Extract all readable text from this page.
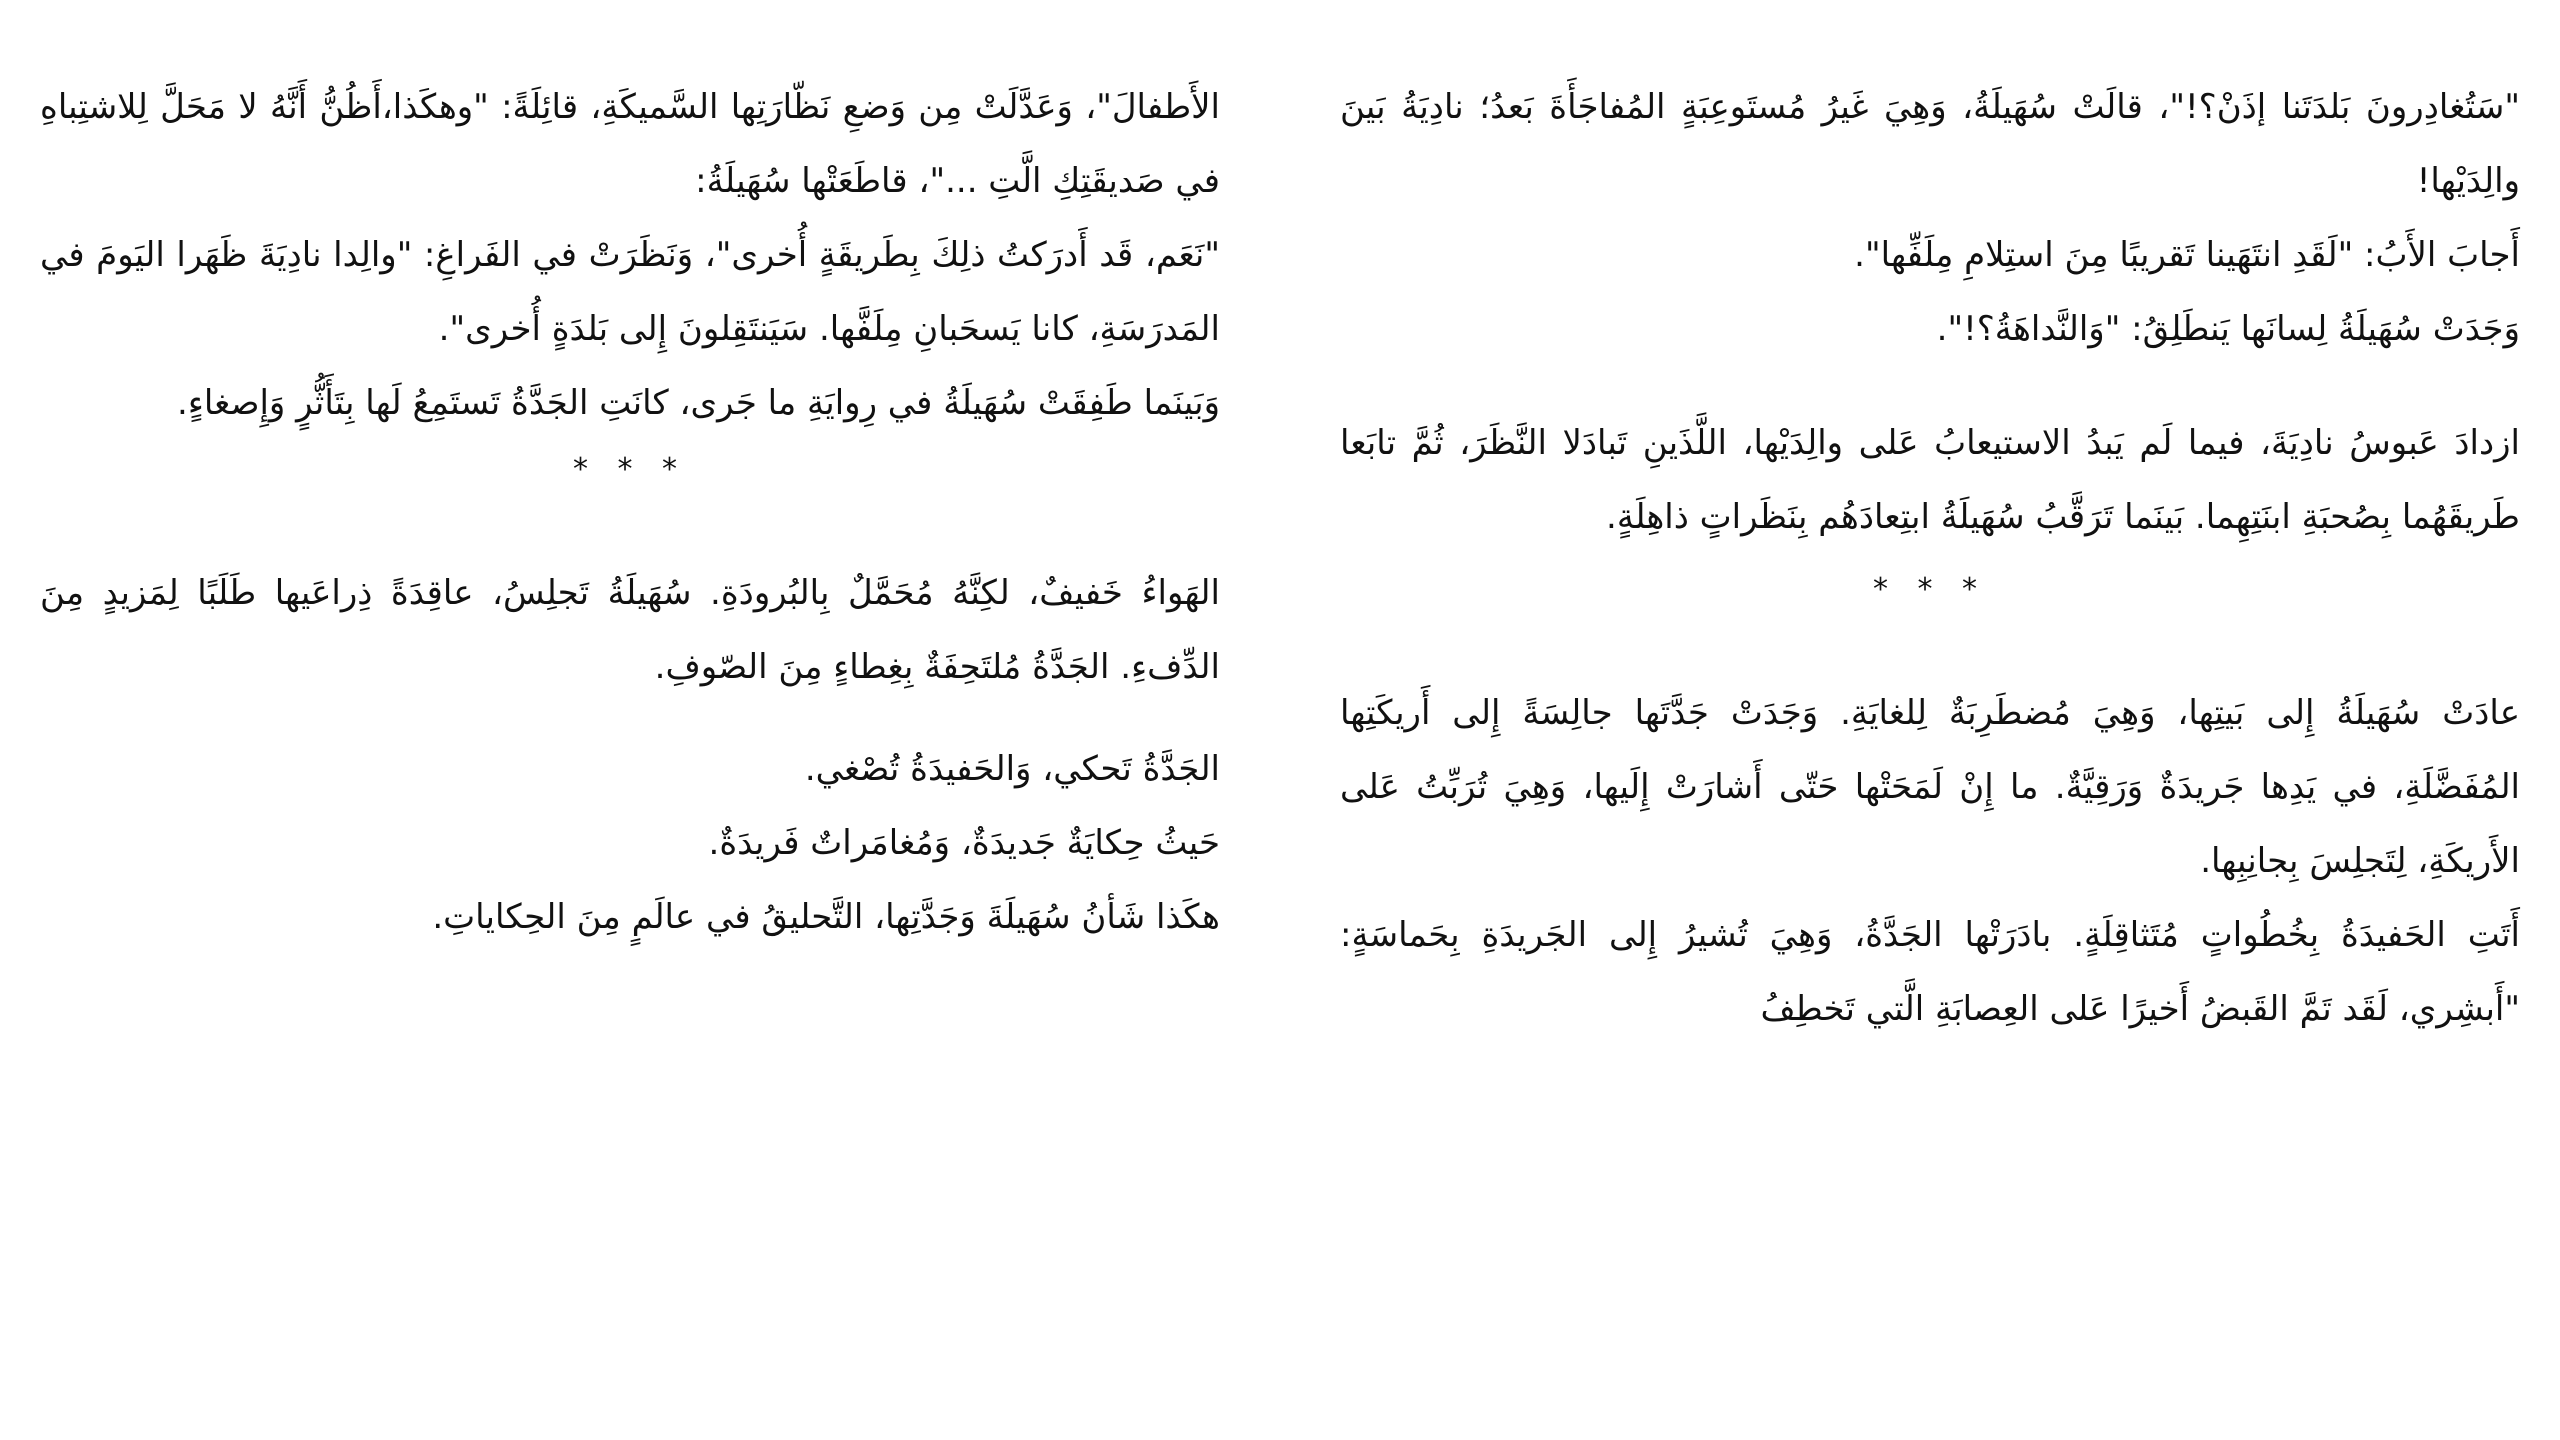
"سَتُغادِرونَ بَلدَتَنا إذَنْ؟!"، قالَتْ سُهَيلَةُ، وَهِيَ غَيرُ مُستَوعِبَةٍ المُفاجَأَةَ بَعدُ؛ نادِيَةُ بَينَ والِدَيْها!

أَجابَ الأَبُ: "لَقَدِ انتَهَينا تَقريبًا مِنَ استِلامِ مِلَفِّها".

وَجَدَتْ سُهَيلَةُ لِسانَها يَنطَلِقُ: "وَالنَّداهَةُ؟!".

ازدادَ عَبوسُ نادِيَةَ، فيما لَم يَبدُ الاستيعابُ عَلى والِدَيْها، اللَّذَينِ تَبادَلا النَّظَرَ، ثُمَّ تابَعا طَريقَهُما بِصُحبَةِ ابنَتِهِما. بَينَما تَرَقَّبُ سُهَيلَةُ ابتِعادَهُم بِنَظَراتٍ ذاهِلَةٍ.

* * *

عادَتْ سُهَيلَةُ إِلى بَيتِها، وَهِيَ مُضطَرِبَةٌ لِلغايَةِ. وَجَدَتْ جَدَّتَها جالِسَةً إِلى أَريكَتِها المُفَضَّلَةِ، في يَدِها جَريدَةٌ وَرَقِيَّةٌ. ما إِنْ لَمَحَتْها حَتّى أَشارَتْ إِلَيها، وَهِيَ تُرَبِّتُ عَلى الأَريكَةِ، لِتَجلِسَ بِجانِبِها.

أَتَتِ الحَفيدَةُ بِخُطُواتٍ مُتَثاقِلَةٍ. بادَرَتْها الجَدَّةُ، وَهِيَ تُشيرُ إِلى الجَريدَةِ بِحَماسَةٍ: "أَبشِري، لَقَد تَمَّ القَبضُ أَخيرًا عَلى العِصابَةِ الَّتي تَخطِفُ

الأَطفالَ"، وَعَدَّلَتْ مِن وَضعِ نَظّارَتِها السَّميكَةِ، قائِلَةً: "وهكَذا،أَظُنُّ أَنَّهُ لا مَحَلَّ لِلاشتِباهِ في صَديقَتِكِ الَّتِ ..."، قاطَعَتْها سُهَيلَةُ:

"نَعَم، قَد أَدرَكتُ ذلِكَ بِطَريقَةٍ أُخرى"، وَنَظَرَتْ في الفَراغِ: "والِدا نادِيَةَ ظَهَرا اليَومَ في المَدرَسَةِ، كانا يَسحَبانِ مِلَفَّها. سَيَنتَقِلونَ إِلى بَلدَةٍ أُخرى".

وَبَينَما طَفِقَتْ سُهَيلَةُ في رِوايَةِ ما جَرى، كانَتِ الجَدَّةُ تَستَمِعُ لَها بِتَأَثُّرٍ وَإِصغاءٍ.

* * *

الهَواءُ خَفيفٌ، لكِنَّهُ مُحَمَّلٌ بِالبُرودَةِ. سُهَيلَةُ تَجلِسُ، عاقِدَةً ذِراعَيها طَلَبًا لِمَزيدٍ مِنَ الدِّفءِ. الجَدَّةُ مُلتَحِفَةٌ بِغِطاءٍ مِنَ الصّوفِ.

الجَدَّةُ تَحكي، وَالحَفيدَةُ تُصْغي.

حَيثُ حِكايَةٌ جَديدَةٌ، وَمُغامَراتٌ فَريدَةٌ.

هكَذا شَأنُ سُهَيلَةَ وَجَدَّتِها، التَّحليقُ في عالَمٍ مِنَ الحِكاياتِ.
